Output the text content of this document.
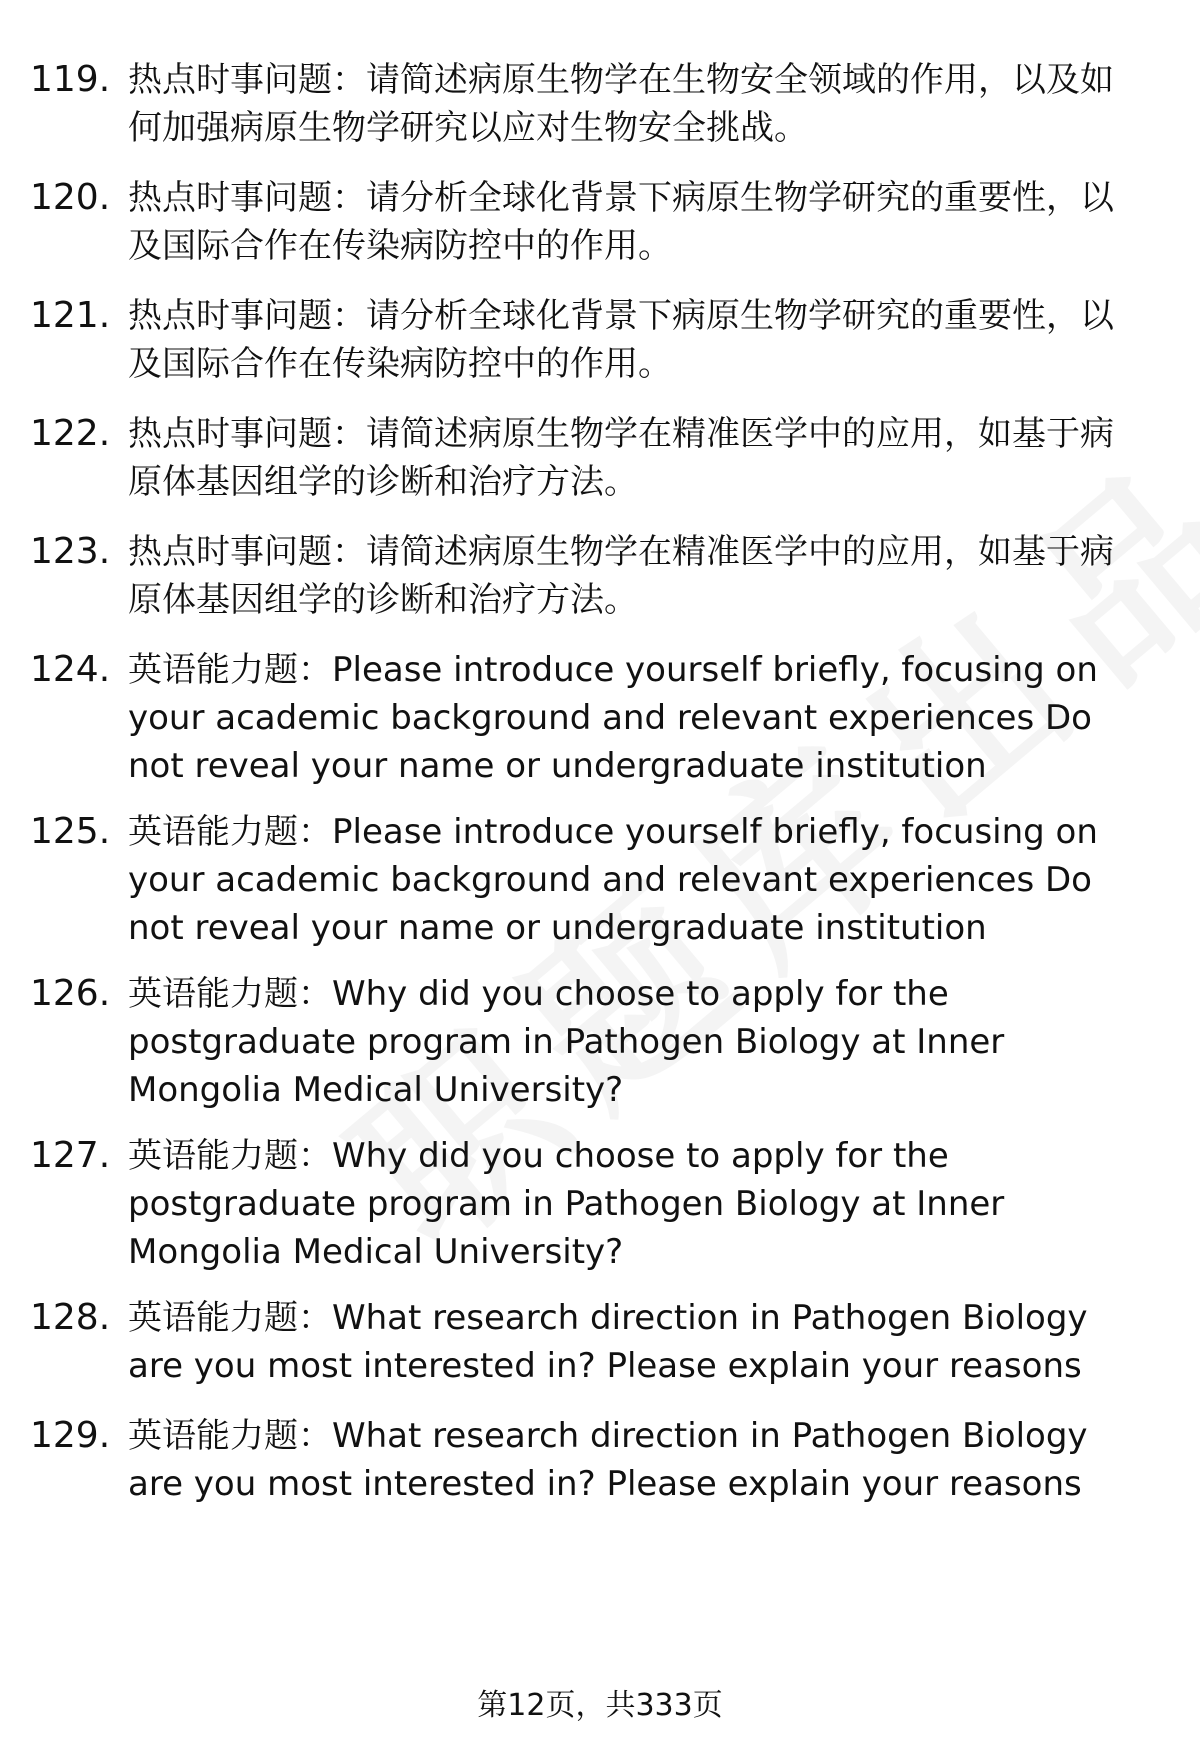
119. 热点时事问题：请简述病原生物学在生物安全领域的作用，以及如何加强病原生物学研究以应对生物安全挑战。
120. 热点时事问题：请分析全球化背景下病原生物学研究的重要性，以及国际合作在传染病防控中的作用。
121. 热点时事问题：请分析全球化背景下病原生物学研究的重要性，以及国际合作在传染病防控中的作用。
122. 热点时事问题：请简述病原生物学在精准医学中的应用，如基于病原体基因组学的诊断和治疗方法。
123. 热点时事问题：请简述病原生物学在精准医学中的应用，如基于病原体基因组学的诊断和治疗方法。
124. 英语能力题：Please introduce yourself briefly, focusing on your academic background and relevant experiences Do not reveal your name or undergraduate institution
125. 英语能力题：Please introduce yourself briefly, focusing on your academic background and relevant experiences Do not reveal your name or undergraduate institution
126. 英语能力题：Why did you choose to apply for the postgraduate program in Pathogen Biology at Inner Mongolia Medical University?
127. 英语能力题：Why did you choose to apply for the postgraduate program in Pathogen Biology at Inner Mongolia Medical University?
128. 英语能力题：What research direction in Pathogen Biology are you most interested in? Please explain your reasons
129. 英语能力题：What research direction in Pathogen Biology are you most interested in? Please explain your reasons
第12页，共333页
